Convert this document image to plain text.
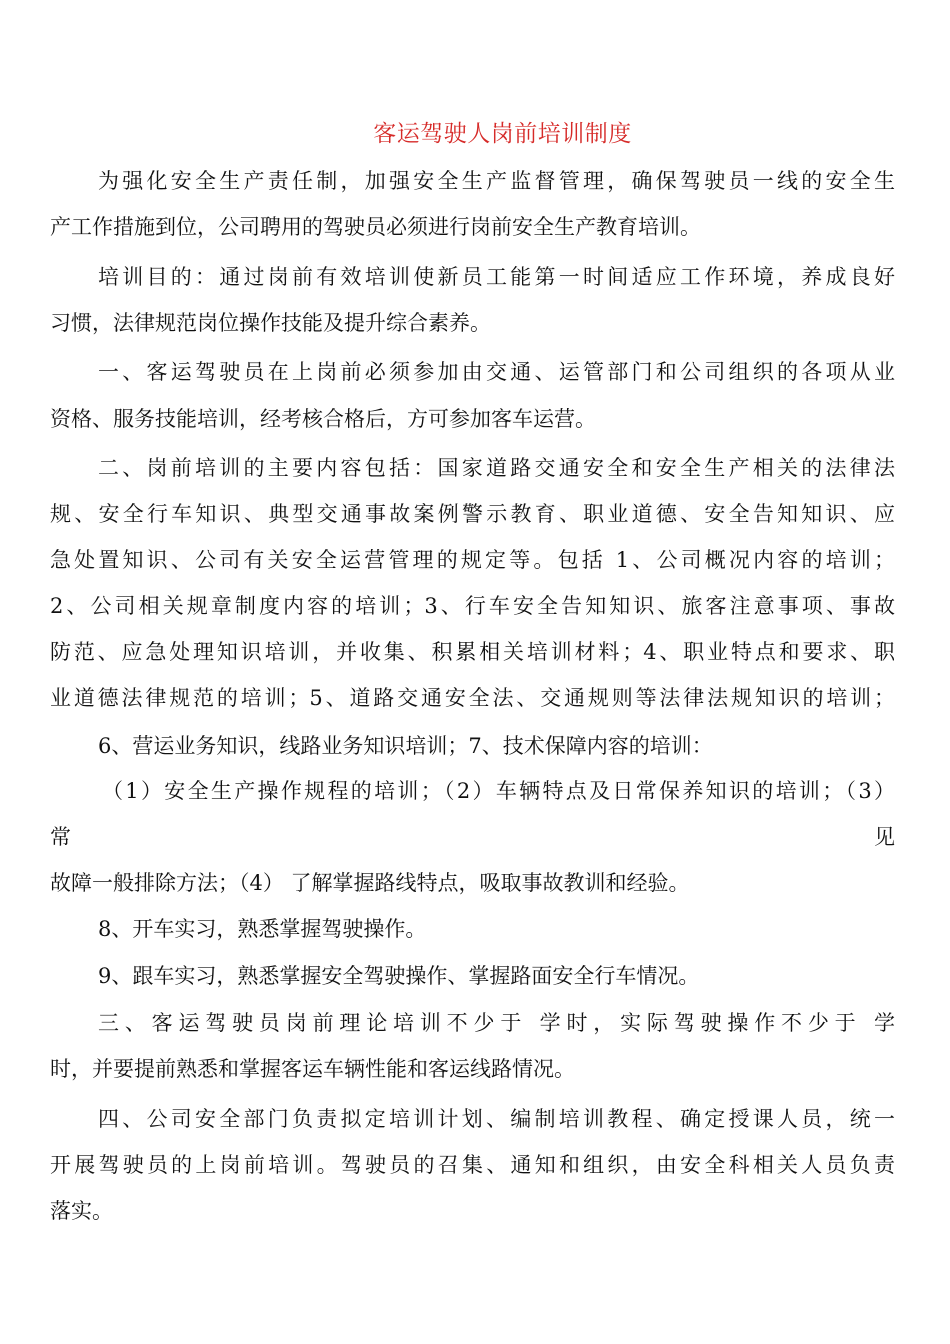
客运驾驶人岗前培训制度
为强化安全生产责任制，加强安全生产监督管理，确保驾驶员一线的安全生
产工作措施到位，公司聘用的驾驶员必须进行岗前安全生产教育培训。
培训目的：通过岗前有效培训使新员工能第一时间适应工作环境，养成良好
习惯，法律规范岗位操作技能及提升综合素养。
一、客运驾驶员在上岗前必须参加由交通、运管部门和公司组织的各项从业
资格、服务技能培训，经考核合格后，方可参加客车运营。
二、岗前培训的主要内容包括：国家道路交通安全和安全生产相关的法律法
规、安全行车知识、典型交通事故案例警示教育、职业道德、安全告知知识、应
急处置知识、公司有关安全运营管理的规定等。包括 1、公司概况内容的培训；
2、公司相关规章制度内容的培训；3、行车安全告知知识、旅客注意事项、事故
防范、应急处理知识培训，并收集、积累相关培训材料；4、职业特点和要求、职
业道德法律规范的培训；5、道路交通安全法、交通规则等法律法规知识的培训；
6、营运业务知识，线路业务知识培训；7、技术保障内容的培训：
（1）安全生产操作规程的培训；（2）车辆特点及日常保养知识的培训；（3）
常	见
故障一般排除方法；（4） 了解掌握路线特点，吸取事故教训和经验。
8、开车实习，熟悉掌握驾驶操作。
9、跟车实习，熟悉掌握安全驾驶操作、掌握路面安全行车情况。
三、客运驾驶员岗前理论培训不少于 学时，实际驾驶操作不少于 学
时，并要提前熟悉和掌握客运车辆性能和客运线路情况。
四、公司安全部门负责拟定培训计划、编制培训教程、确定授课人员，统一
开展驾驶员的上岗前培训。驾驶员的召集、通知和组织，由安全科相关人员负责
落实。
